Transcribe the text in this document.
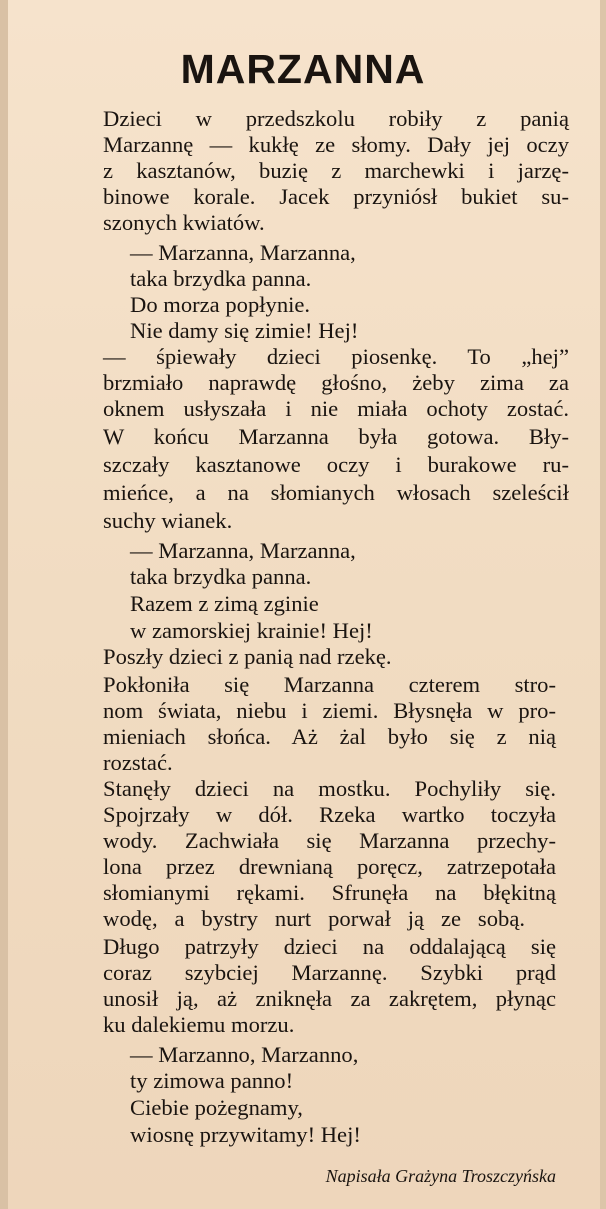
MARZANNA
Dzieci w przedszkolu robiły z panią
Marzannę — kukłę ze słomy. Dały jej oczy
z kasztanów, buzię z marchewki i jarzę-
binowe korale. Jacek przyniósł bukiet su-
szonych kwiatów.
— Marzanna, Marzanna,
taka brzydka panna.
Do morza popłynie.
Nie damy się zimie! Hej!
— śpiewały dzieci piosenkę. To „hej”
brzmiało naprawdę głośno, żeby zima za
oknem usłyszała i nie miała ochoty zostać.
W końcu Marzanna była gotowa. Bły-
szczały kasztanowe oczy i burakowe ru-
mieńce, a na słomianych włosach szeleścił
suchy wianek.
— Marzanna, Marzanna,
taka brzydka panna.
Razem z zimą zginie
w zamorskiej krainie! Hej!
Poszły dzieci z panią nad rzekę.
Pokłoniła się Marzanna czterem stro-
nom świata, niebu i ziemi. Błysnęła w pro-
mieniach słońca. Aż żal było się z nią
rozstać.
Stanęły dzieci na mostku. Pochyliły się.
Spojrzały w dół. Rzeka wartko toczyła
wody. Zachwiała się Marzanna przechy-
lona przez drewnianą poręcz, zatrzepotała
słomianymi rękami. Sfrunęła na błękitną
wodę, a bystry nurt porwał ją ze sobą.
Długo patrzyły dzieci na oddalającą się
coraz szybciej Marzannę. Szybki prąd
unosił ją, aż zniknęła za zakrętem, płynąc
ku dalekiemu morzu.
— Marzanno, Marzanno,
ty zimowa panno!
Ciebie pożegnamy,
wiosnę przywitamy! Hej!
Napisała Grażyna Troszczyńska
